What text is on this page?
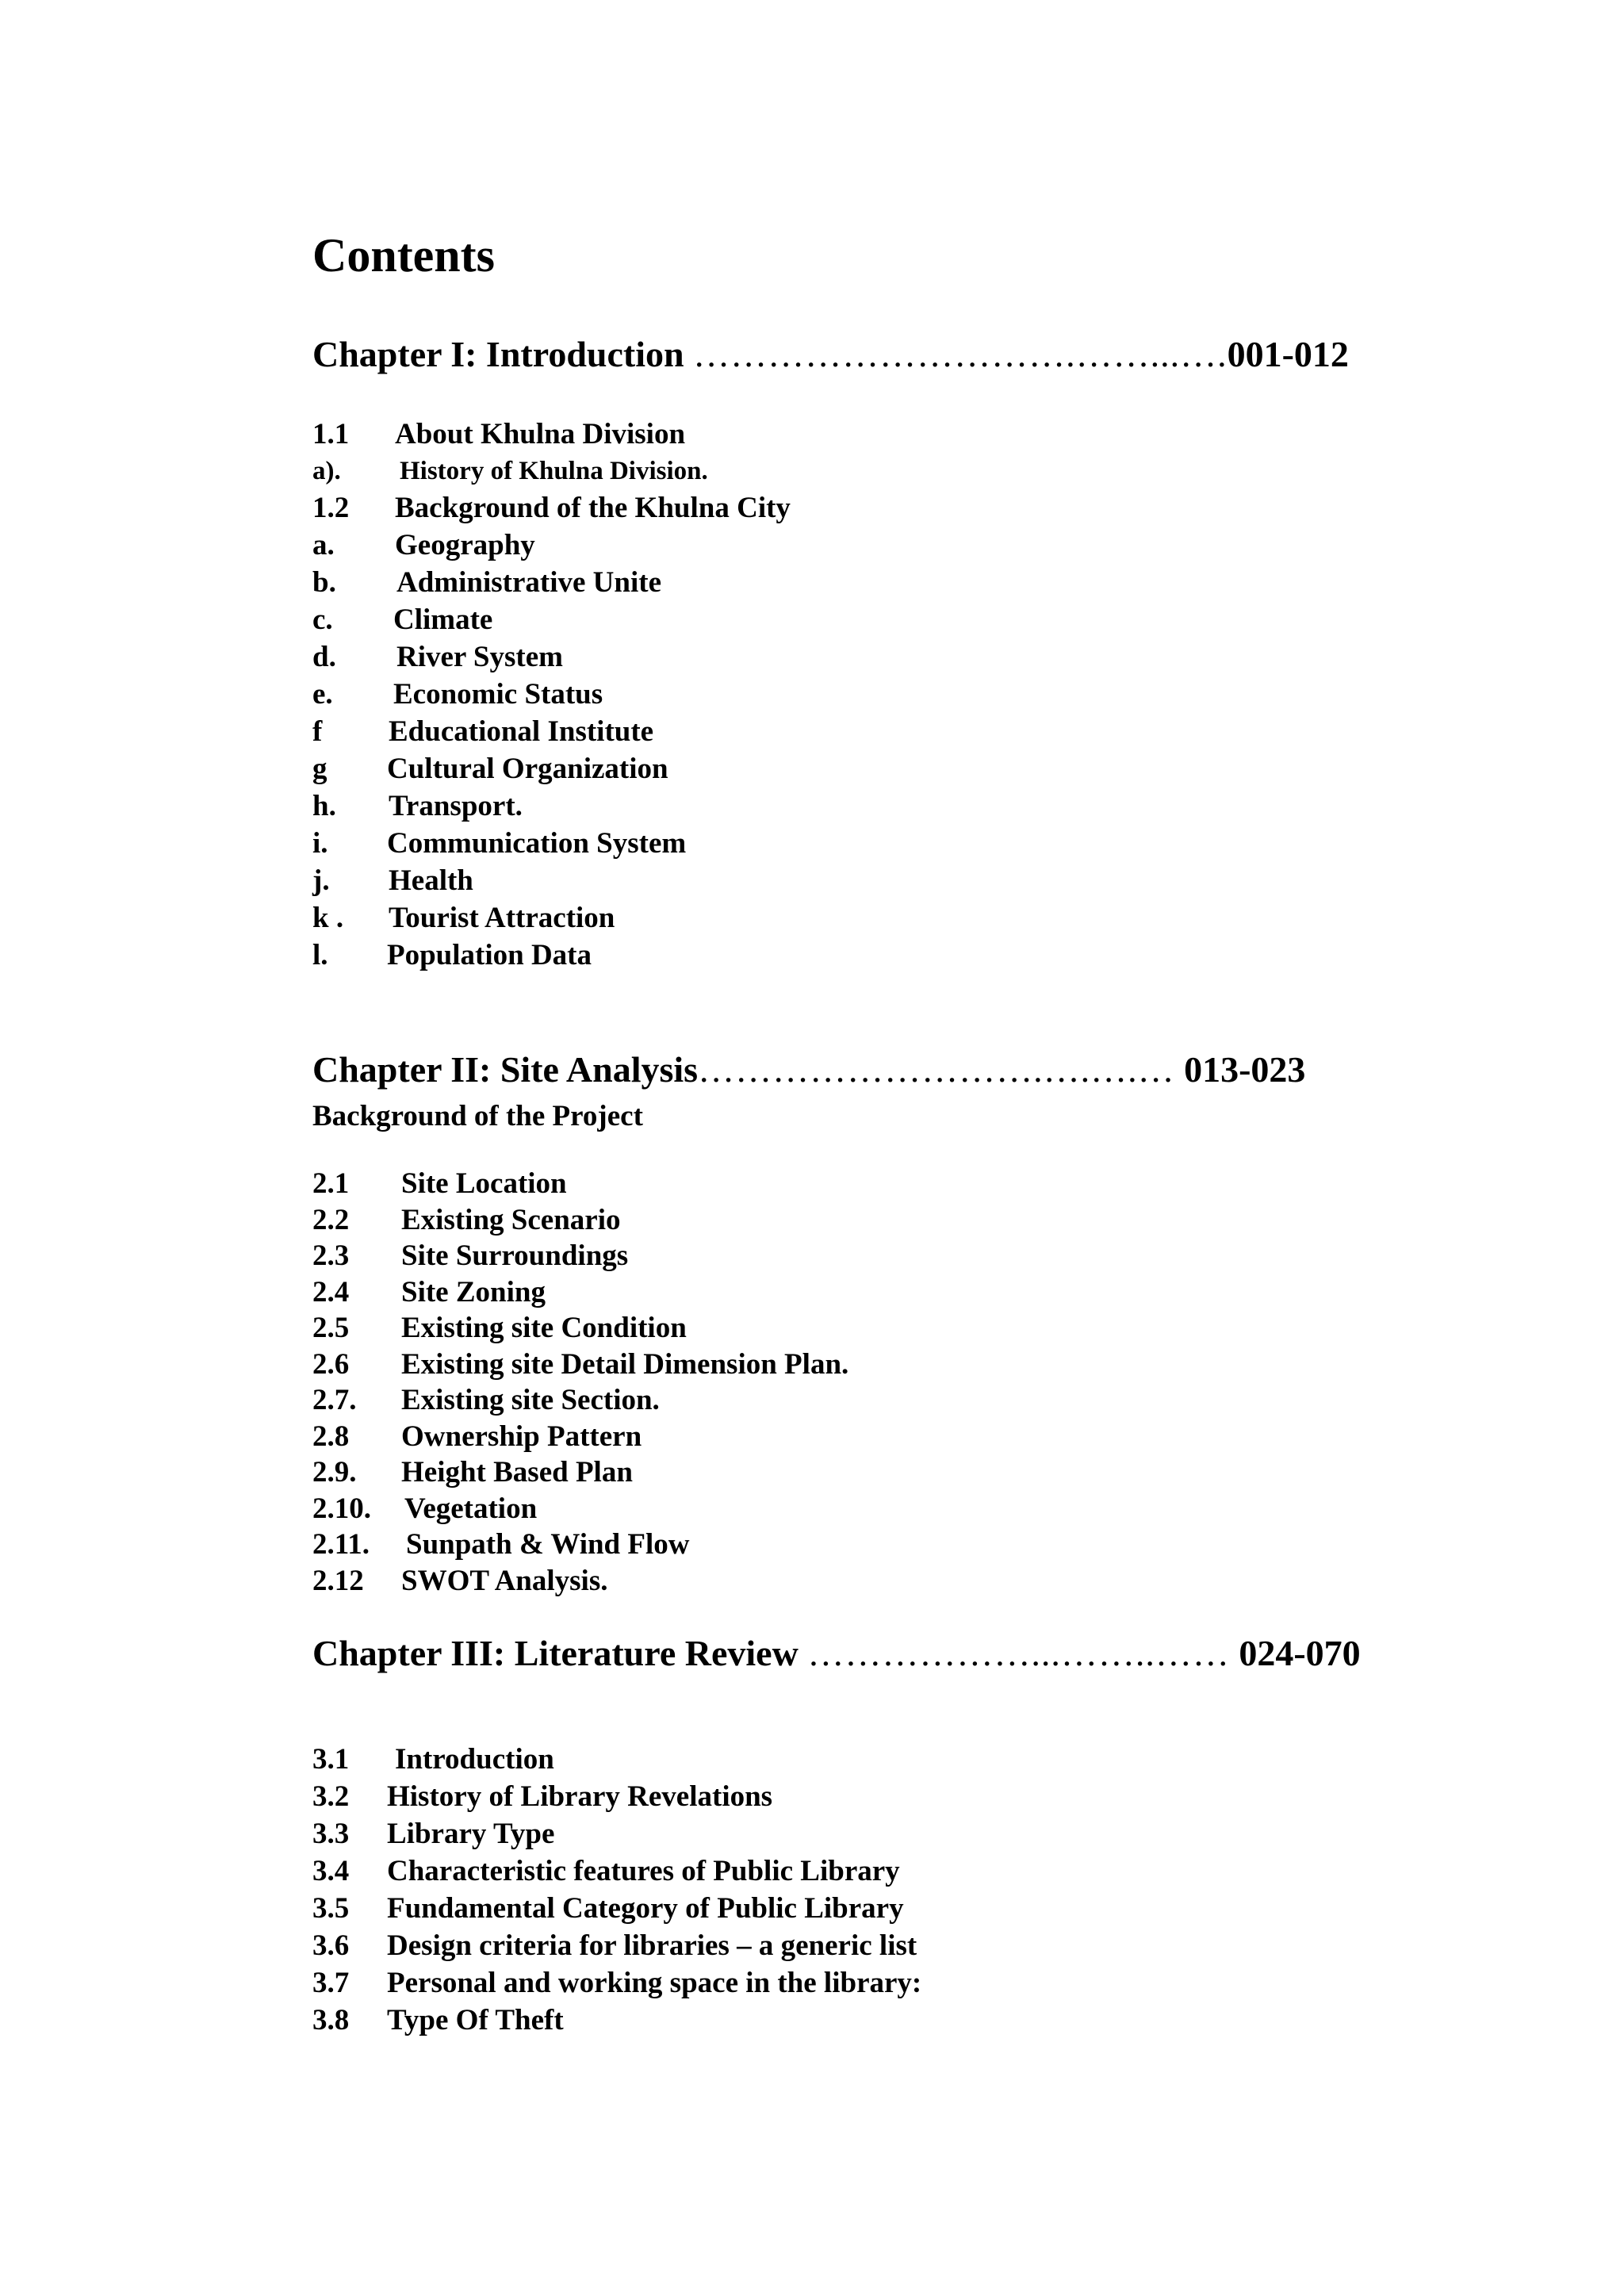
Contents
Chapter I: Introduction ………………………….……...….001-012
1.1 About Khulna Division
a). History of Khulna Division.
1.2 Background of the Khulna City
a. Geography
b. Administrative Unite
c. Climate
d. River System
e. Economic Status
f Educational Institute
g Cultural Organization
h. Transport.
i. Communication System
j. Health
k . Tourist Attraction
l. Population Data
Chapter II: Site Analysis……………………….….….… 013-023
Background of the Project
2.1 Site Location
2.2 Existing Scenario
2.3 Site Surroundings
2.4 Site Zoning
2.5 Existing site Condition
2.6 Existing site Detail Dimension Plan.
2.7. Existing site Section.
2.8 Ownership Pattern
2.9. Height Based Plan
2.10. Vegetation
2.11. Sunpath & Wind Flow
2.12 SWOT Analysis.
Chapter III: Literature Review ………………...……..…… 024-070
3.1 Introduction
3.2 History of Library Revelations
3.3 Library Type
3.4 Characteristic features of Public Library
3.5 Fundamental Category of Public Library
3.6 Design criteria for libraries – a generic list
3.7 Personal and working space in the library:
3.8 Type Of Theft
